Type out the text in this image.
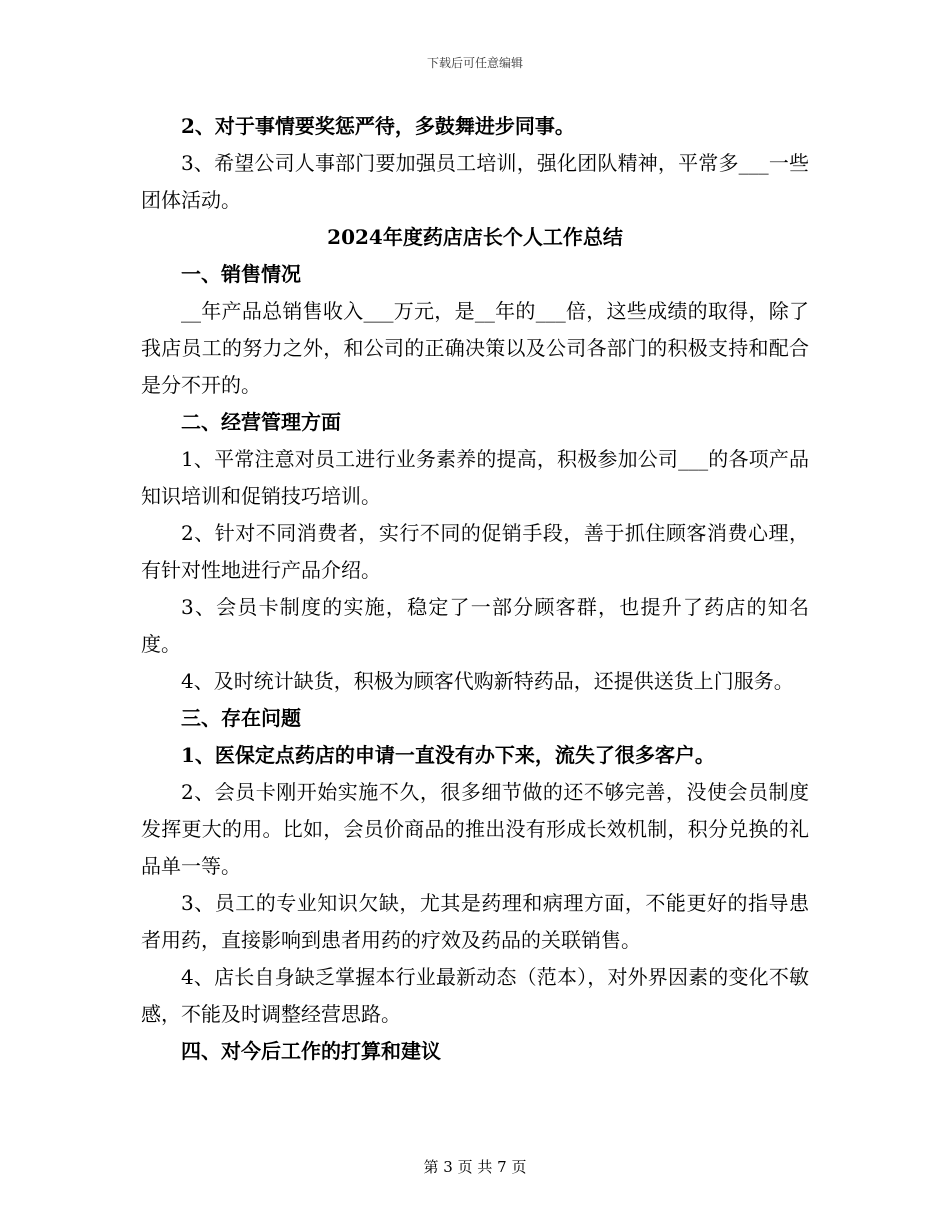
下载后可任意编辑

2、对于事情要奖惩严待，多鼓舞进步同事。

3、希望公司人事部门要加强员工培训，强化团队精神，平常多___一些团体活动。

2024年度药店店长个人工作总结

一、销售情况

__年产品总销售收入___万元，是__年的___倍，这些成绩的取得，除了我店员工的努力之外，和公司的正确决策以及公司各部门的积极支持和配合是分不开的。

二、经营管理方面

1、平常注意对员工进行业务素养的提高，积极参加公司___的各项产品知识培训和促销技巧培训。

2、针对不同消费者，实行不同的促销手段，善于抓住顾客消费心理，有针对性地进行产品介绍。

3、会员卡制度的实施，稳定了一部分顾客群，也提升了药店的知名度。

4、及时统计缺货，积极为顾客代购新特药品，还提供送货上门服务。

三、存在问题

1、医保定点药店的申请一直没有办下来，流失了很多客户。

2、会员卡刚开始实施不久，很多细节做的还不够完善，没使会员制度发挥更大的用。比如，会员价商品的推出没有形成长效机制，积分兑换的礼品单一等。

3、员工的专业知识欠缺，尤其是药理和病理方面，不能更好的指导患者用药，直接影响到患者用药的疗效及药品的关联销售。

4、店长自身缺乏掌握本行业最新动态（范本），对外界因素的变化不敏感，不能及时调整经营思路。

四、对今后工作的打算和建议

第 3 页 共 7 页
